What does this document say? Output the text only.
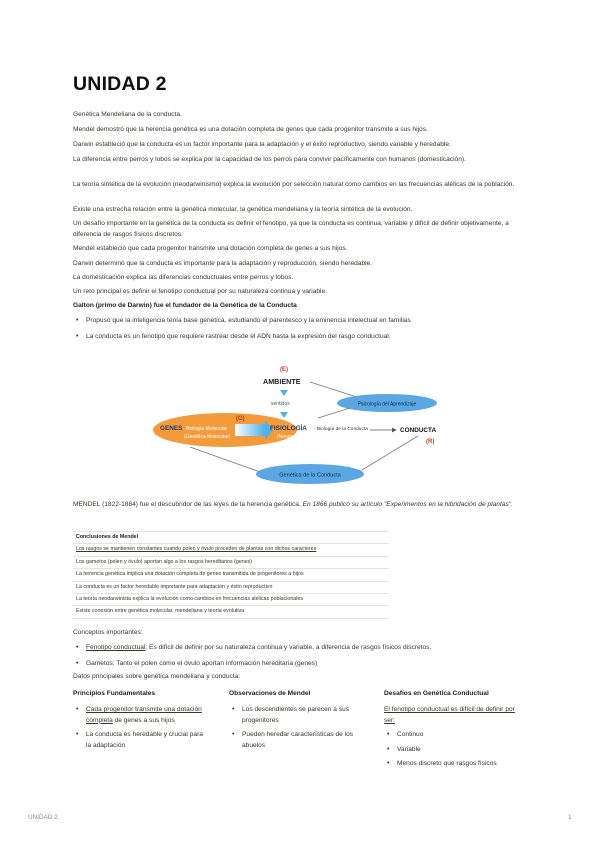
UNIDAD 2
Genética Mendeliana de la conducta.
Mendel demostró que la herencia genética es una dotación completa de genes que cada progenitor transmite a sus hijos.
Darwin estableció que la conducta es un factor importante para la adaptación y el éxito reproductivo, siendo variable y heredable.
La diferencia entre perros y lobos se explica por la capacidad de los perros para convivir pacíficamente con humanos (domesticación).
La teoría sintética de la evolución (neodarwinismo) explica la evolución por selección natural como cambios en las frecuencias alélicas de la población.
Existe una estrecha relación entre la genética molecular, la genética mendeliana y la teoría sintética de la evolución.
Un desafío importante en la genética de la conducta es definir el fenotipo, ya que la conducta es continua, variable y difícil de definir objetivamente, a diferencia de rasgos físicos discretos.
Mendel estableció que cada progenitor transmite una dotación completa de genes a sus hijos.
Darwin determinó que la conducta es importante para la adaptación y reproducción, siendo heredable.
La domesticación explica las diferencias conductuales entre perros y lobos.
Un reto principal es definir el fenotipo conductual por su naturaleza continua y variable.
Galton (primo de Darwin) fue el fundador de la Genética de la Conducta
• Propuso que la inteligencia tenía base genética, estudiando el parentesco y la eminencia intelectual en familias
• La conducta es un fenotipo que requiere rastrear desde el ADN hasta la expresión del rasgo conductual.
(E)
AMBIENTE
sentidos	Psicología del Aprendizaje
(G)
GENES - Biología Molecular
(Genética Molecular)
FISIOLOGÍA - Biología de la Conducta
(Neurociencia)
CONDUCTA
(R)
Genética de la Conducta
MENDEL (1822-1884) fue el descubridor de las leyes de la herencia genética. En 1866 publicó su artículo "Experimentos en la hibridación de plantas".
Conclusiones de Mendel
Los rasgos se mantienen constantes cuando polen y óvulo proceden de plantas con dichos caracteres
Los gametos (polen y óvulo) aportan algo a los rasgos hereditarios (genes)
La herencia genética implica una dotación completa de genes transmitida de progenitores a hijos
La conducta es un factor heredable importante para adaptación y éxito reproductivo
La teoría neodarwinista explica la evolución como cambios en frecuencias alélicas poblacionales
Existe conexión entre genética molecular, mendeliana y teoría evolutiva
Conceptos importantes:
• Fenotipo conductual: Es difícil de definir por su naturaleza continua y variable, a diferencia de rasgos físicos discretos.
• Gametos: Tanto el polen como el óvulo aportan información hereditaria (genes)
Datos principales sobre genética mendeliana y conducta:
Principios Fundamentales
• Cada progenitor transmite una dotación completa de genes a sus hijos
• La conducta es heredable y crucial para la adaptación
Observaciones de Mendel
• Los descendientes se parecen a sus progenitores
• Pueden heredar características de los abuelos
Desafíos en Genética Conductual
El fenotipo conductual es difícil de definir por ser:
• Continuo
• Variable
• Menos discreto que rasgos físicos
UNIDAD 2	1
